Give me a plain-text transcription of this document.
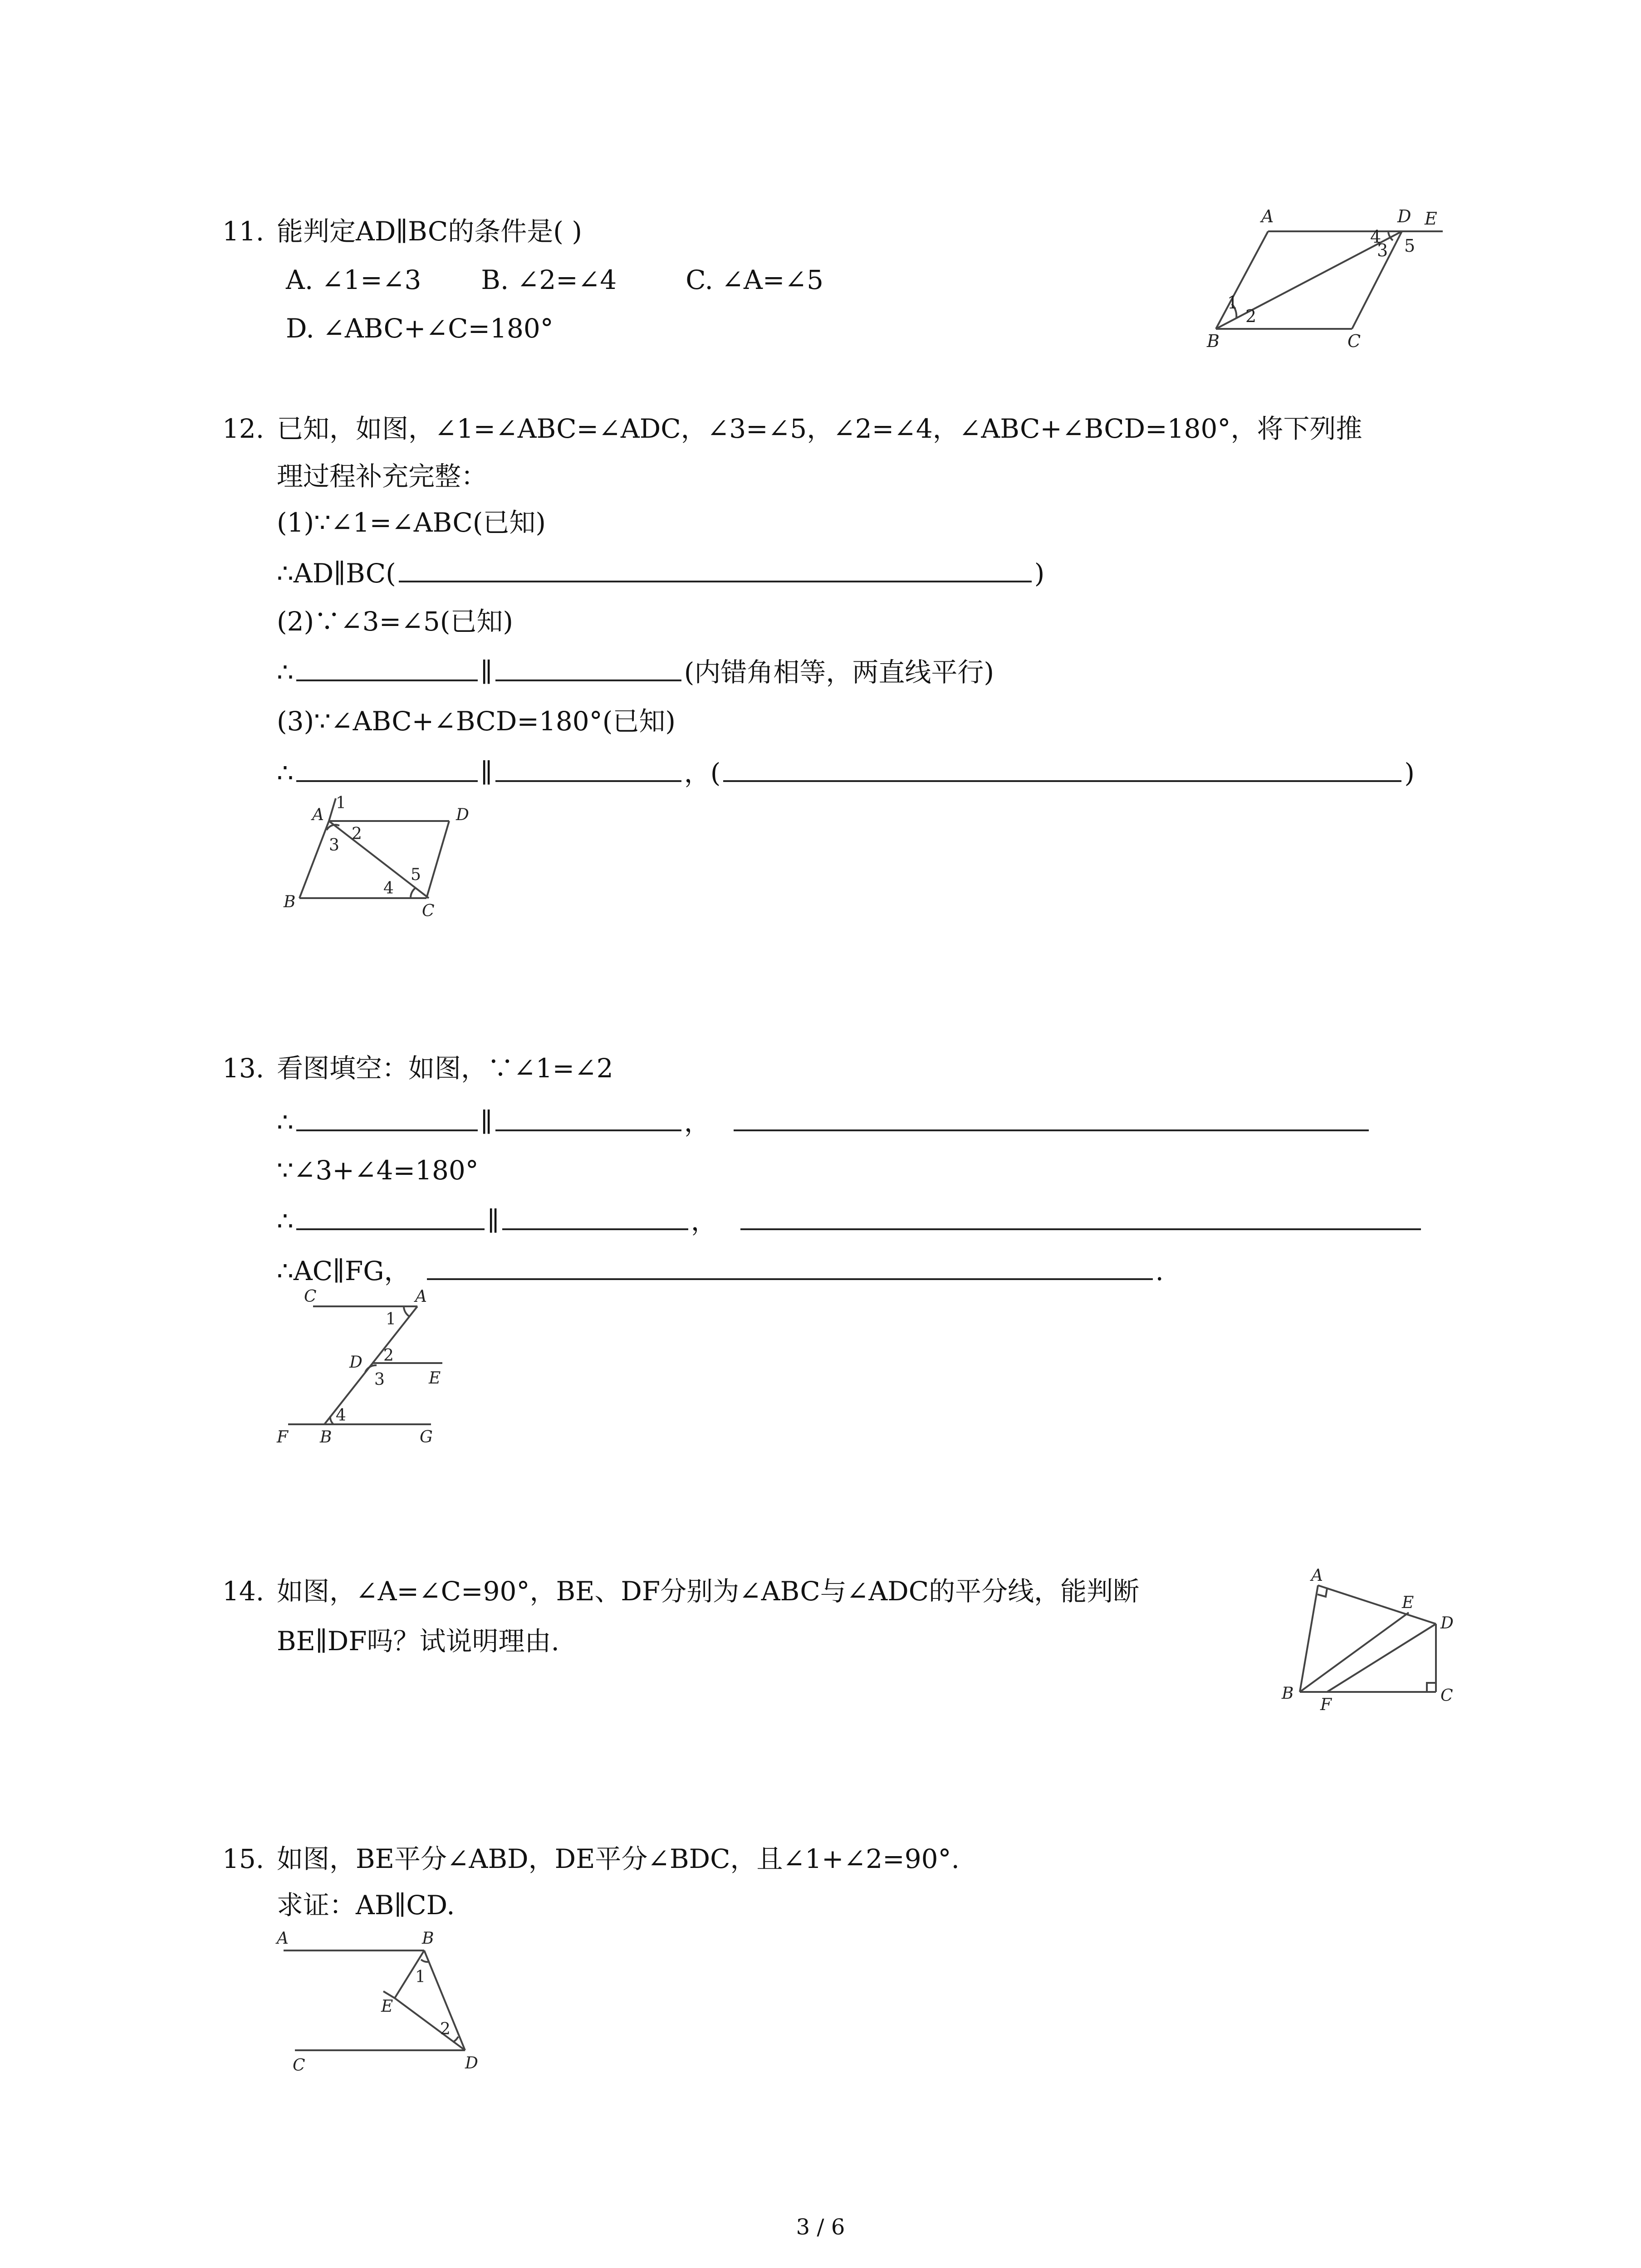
11. 能判定AD∥BC的条件是( )
A. ∠1=∠3 B. ∠2=∠4	C. ∠A=∠5
D. ∠ABC+∠C=180°
A	D E
B	C
1
2
3
4 5
12. 已知，如图，∠1=∠ABC=∠ADC，∠3=∠5，∠2=∠4，∠ABC+∠BCD=180°，将下列推
理过程补充完整：
(1)∵∠1=∠ABC(已知)
∴AD∥BC(	)
(2)∵∠3=∠5(已知)
∴	∥	(内错角相等，两直线平行)
(3)∵∠ABC+∠BCD=180°(已知)
∴	∥	，(	)
A	D
B	C
1
2
3
4
5
13. 看图填空：如图，∵∠1=∠2
∴	∥	，
∵∠3+∠4=180°
∴	∥	，
∴AC∥FG，	.
C	A
D
E
F B	G
1
2
3
4
14. 如图，∠A=∠C=90°，BE、DF分别为∠ABC与∠ADC的平分线，能判断
BE∥DF吗？试说明理由.
A
E
D
B
F	C
15. 如图，BE平分∠ABD，DE平分∠BDC，且∠1+∠2=90°.
求证：AB∥CD.
A	B
E
C	D
1
2
3 / 6
